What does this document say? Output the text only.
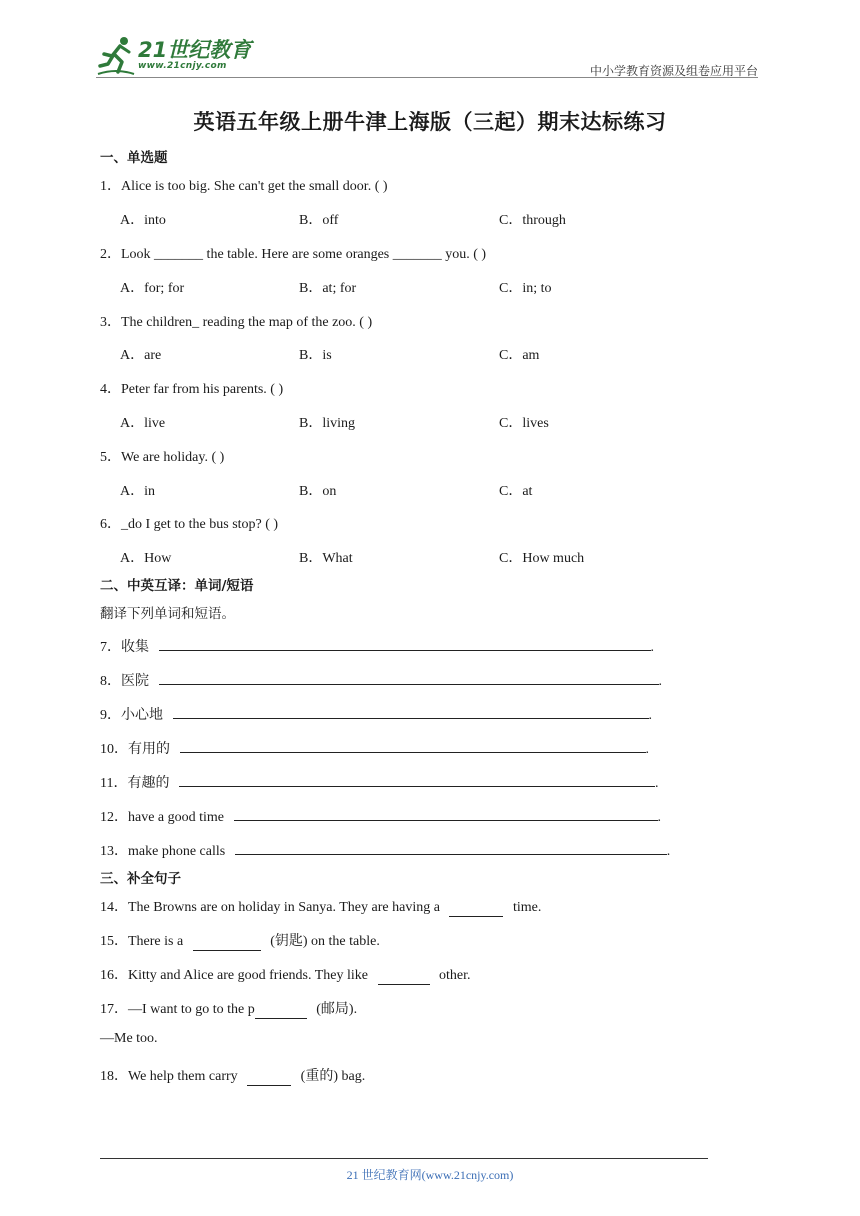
21世纪教育
www.21cnjy.com	中小学教育资源及组卷应用平台
英语五年级上册牛津上海版（三起）期末达标练习
一、单选题
1．Alice is too big. She can't get the small door. ( )
A．into	B．off	C．through
2．Look _______ the table. Here are some oranges _______ you. ( )
A．for; for	B．at; for	C．in; to
3．The children_ reading the map of the zoo. ( )
A．are	B．is	C．am
4．Peter far from his parents. ( )
A．live	B．living	C．lives
5．We are holiday. ( )
A．in	B．on	C．at
6．_do I get to the bus stop? ( )
A．How	B．What	C．How much
二、中英互译：单词/短语
翻译下列单词和短语。
7．收集	.
8．医院	.
9．小心地	.
10．有用的	.
11．有趣的	.
12．have a good time	.
13．make phone calls	.
三、补全句子
14．The Browns are on holiday in Sanya. They are having a	time.
15．There is a	(钥匙) on the table.
16．Kitty and Alice are good friends. They like	other.
17．—I want to go to the p	(邮局).
—Me too.
18．We help them carry	(重的) bag.
21 世纪教育网(www.21cnjy.com)
